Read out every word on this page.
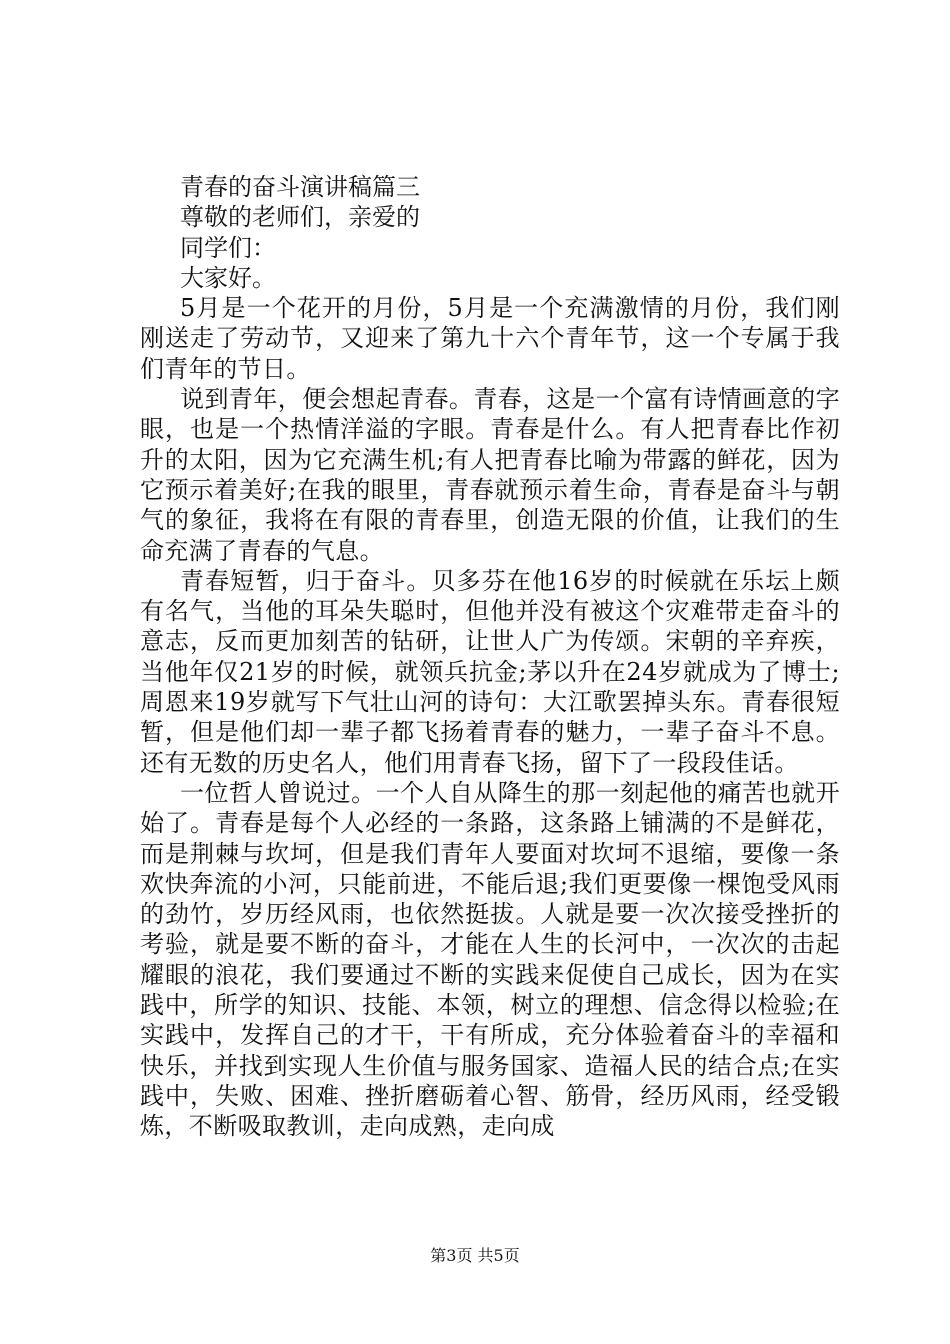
青春的奋斗演讲稿篇三

尊敬的老师们，亲爱的

同学们：

大家好。

5月是一个花开的月份，5月是一个充满激情的月份，我们刚刚送走了劳动节，又迎来了第九十六个青年节，这一个专属于我们青年的节日。

说到青年，便会想起青春。青春，这是一个富有诗情画意的字眼，也是一个热情洋溢的字眼。青春是什么。有人把青春比作初升的太阳，因为它充满生机;有人把青春比喻为带露的鲜花，因为它预示着美好;在我的眼里，青春就预示着生命，青春是奋斗与朝气的象征，我将在有限的青春里，创造无限的价值，让我们的生命充满了青春的气息。

青春短暂，归于奋斗。贝多芬在他16岁的时候就在乐坛上颇有名气，当他的耳朵失聪时，但他并没有被这个灾难带走奋斗的意志，反而更加刻苦的钻研，让世人广为传颂。宋朝的辛弃疾，当他年仅21岁的时候，就领兵抗金;茅以升在24岁就成为了博士;周恩来19岁就写下气壮山河的诗句：大江歌罢掉头东。青春很短暂，但是他们却一辈子都飞扬着青春的魅力，一辈子奋斗不息。还有无数的历史名人，他们用青春飞扬，留下了一段段佳话。

一位哲人曾说过。一个人自从降生的那一刻起他的痛苦也就开始了。青春是每个人必经的一条路，这条路上铺满的不是鲜花，而是荆棘与坎坷，但是我们青年人要面对坎坷不退缩，要像一条欢快奔流的小河，只能前进，不能后退;我们更要像一棵饱受风雨的劲竹，岁历经风雨，也依然挺拔。人就是要一次次接受挫折的考验，就是要不断的奋斗，才能在人生的长河中，一次次的击起耀眼的浪花，我们要通过不断的实践来促使自己成长，因为在实践中，所学的知识、技能、本领，树立的理想、信念得以检验;在实践中，发挥自己的才干，干有所成，充分体验着奋斗的幸福和快乐，并找到实现人生价值与服务国家、造福人民的结合点;在实践中，失败、困难、挫折磨砺着心智、筋骨，经历风雨，经受锻炼，不断吸取教训，走向成熟，走向成

第3页 共5页
